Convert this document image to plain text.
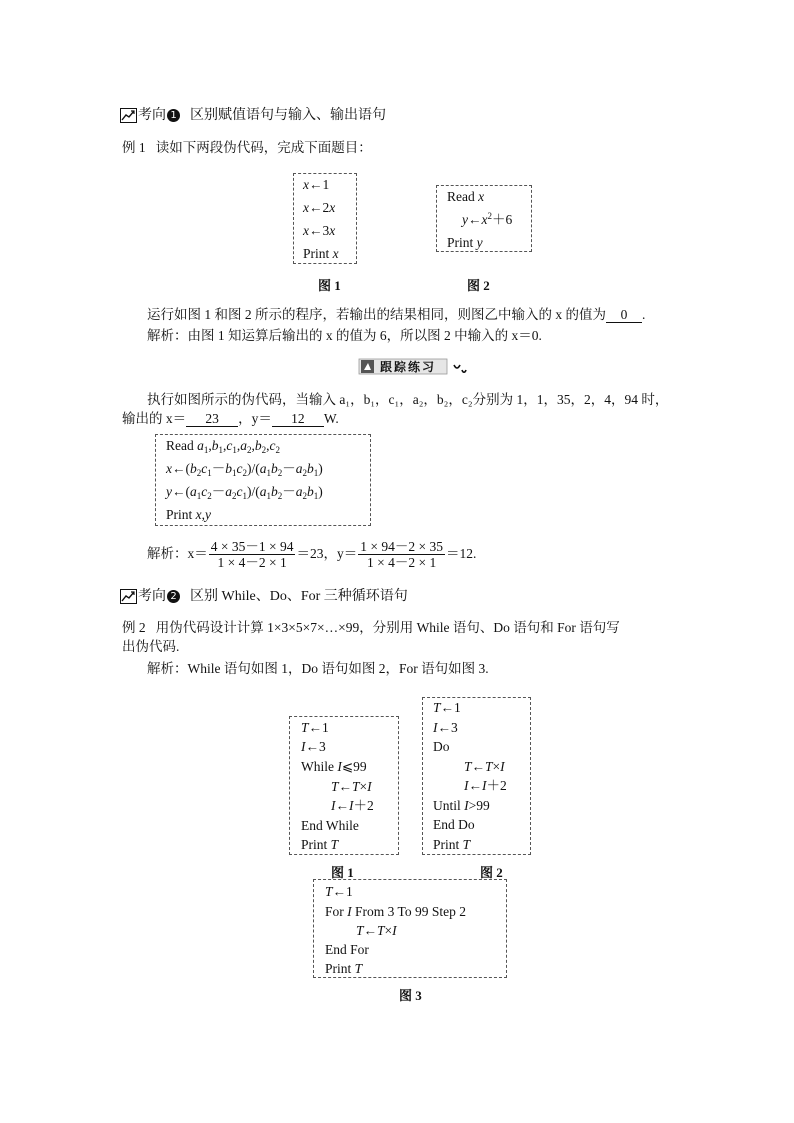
考向 1 区别赋值语句与输入、输出语句
例 1 读如下两段伪代码，完成下面题目：
x←1
x←2x
x←3x
Print x
图 1
Read x
$y\leftarrow x^2+6$
Print y
图 2
运行如图 1 和图 2 所示的程序，若输出的结果相同，则图乙中输入的 x 的值为 0 .
解析：由图 1 知运算后输出的 x 的值为 6，所以图 2 中输入的 x＝0.
跟踪练习
执行如图所示的伪代码，当输入 a₁，b₁，c₁，a₂，b₂，c₂分别为 1，1，35，2，4，94 时，
输出的 x＝ 23 ，y＝ 12 W.
Read $a_1,b_1,c_1,a_2,b_2,c_2$
$x\leftarrow(b_2c_1-b_1c_2)/(a_1b_2-a_2b_1)$
$y\leftarrow(a_1c_2-a_2c_1)/(a_1b_2-a_2b_1)$
Print x,y
解析：$x= \frac{4 \times 35-1 \times 94}{1 \times 4-2 \times 1} =23$，$y= \frac{1 \times 94-2 \times 35}{1 \times 4-2 \times 1} =12$.
考向 2 区别 While、Do、For 三种循环语句
例 2 用伪代码设计计算 1×3×5×7×…×99，分别用 While 语句、Do 语句和 For 语句写
出伪代码.
解析：While 语句如图 1，Do 语句如图 2，For 语句如图 3.
T←1
I←3
While I⩽99
T←T×I
I←I＋2
End While
Print T
图 1
T←1
I←3
Do
T←T×I
I←I＋2
Until I>99
End Do
Print T
图 2
T←1
For I From 3 To 99 Step 2
T←T×I
End For
Print T
图 3
